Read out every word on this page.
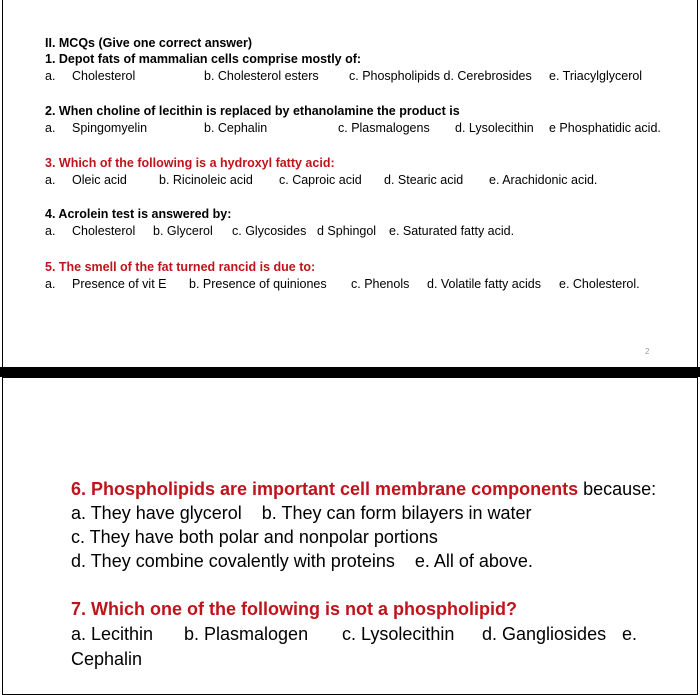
II. MCQs (Give one correct answer)
1. Depot fats of mammalian cells comprise mostly of:
a. Cholesterol	b. Cholesterol esters c. Phospholipids d. Cerebrosides e. Triacylglycerol
2. When choline of lecithin is replaced by ethanolamine the product is
a. Spingomyelin	b. Cephalin	c. Plasmalogens d. Lysolecithin e Phosphatidic acid.
3. Which of the following is a hydroxyl fatty acid:
a. Oleic acid	b. Ricinoleic acid c. Caproic acid d. Stearic acid e. Arachidonic acid.
4. Acrolein test is answered by:
a. Cholesterol b. Glycerol c. Glycosides d Sphingol e. Saturated fatty acid.
5. The smell of the fat turned rancid is due to:
a. Presence of vit E b. Presence of quiniones c. Phenols d. Volatile fatty acids e. Cholesterol.
2
6. Phospholipids are important cell membrane components because:
a. They have glycerol    b. They can form bilayers in water
c. They have both polar and nonpolar portions
d. They combine covalently with proteins    e. All of above.
7. Which one of the following is not a phospholipid?
a. Lecithin b. Plasmalogen c. Lysolecithin d. Gangliosides e.
Cephalin
